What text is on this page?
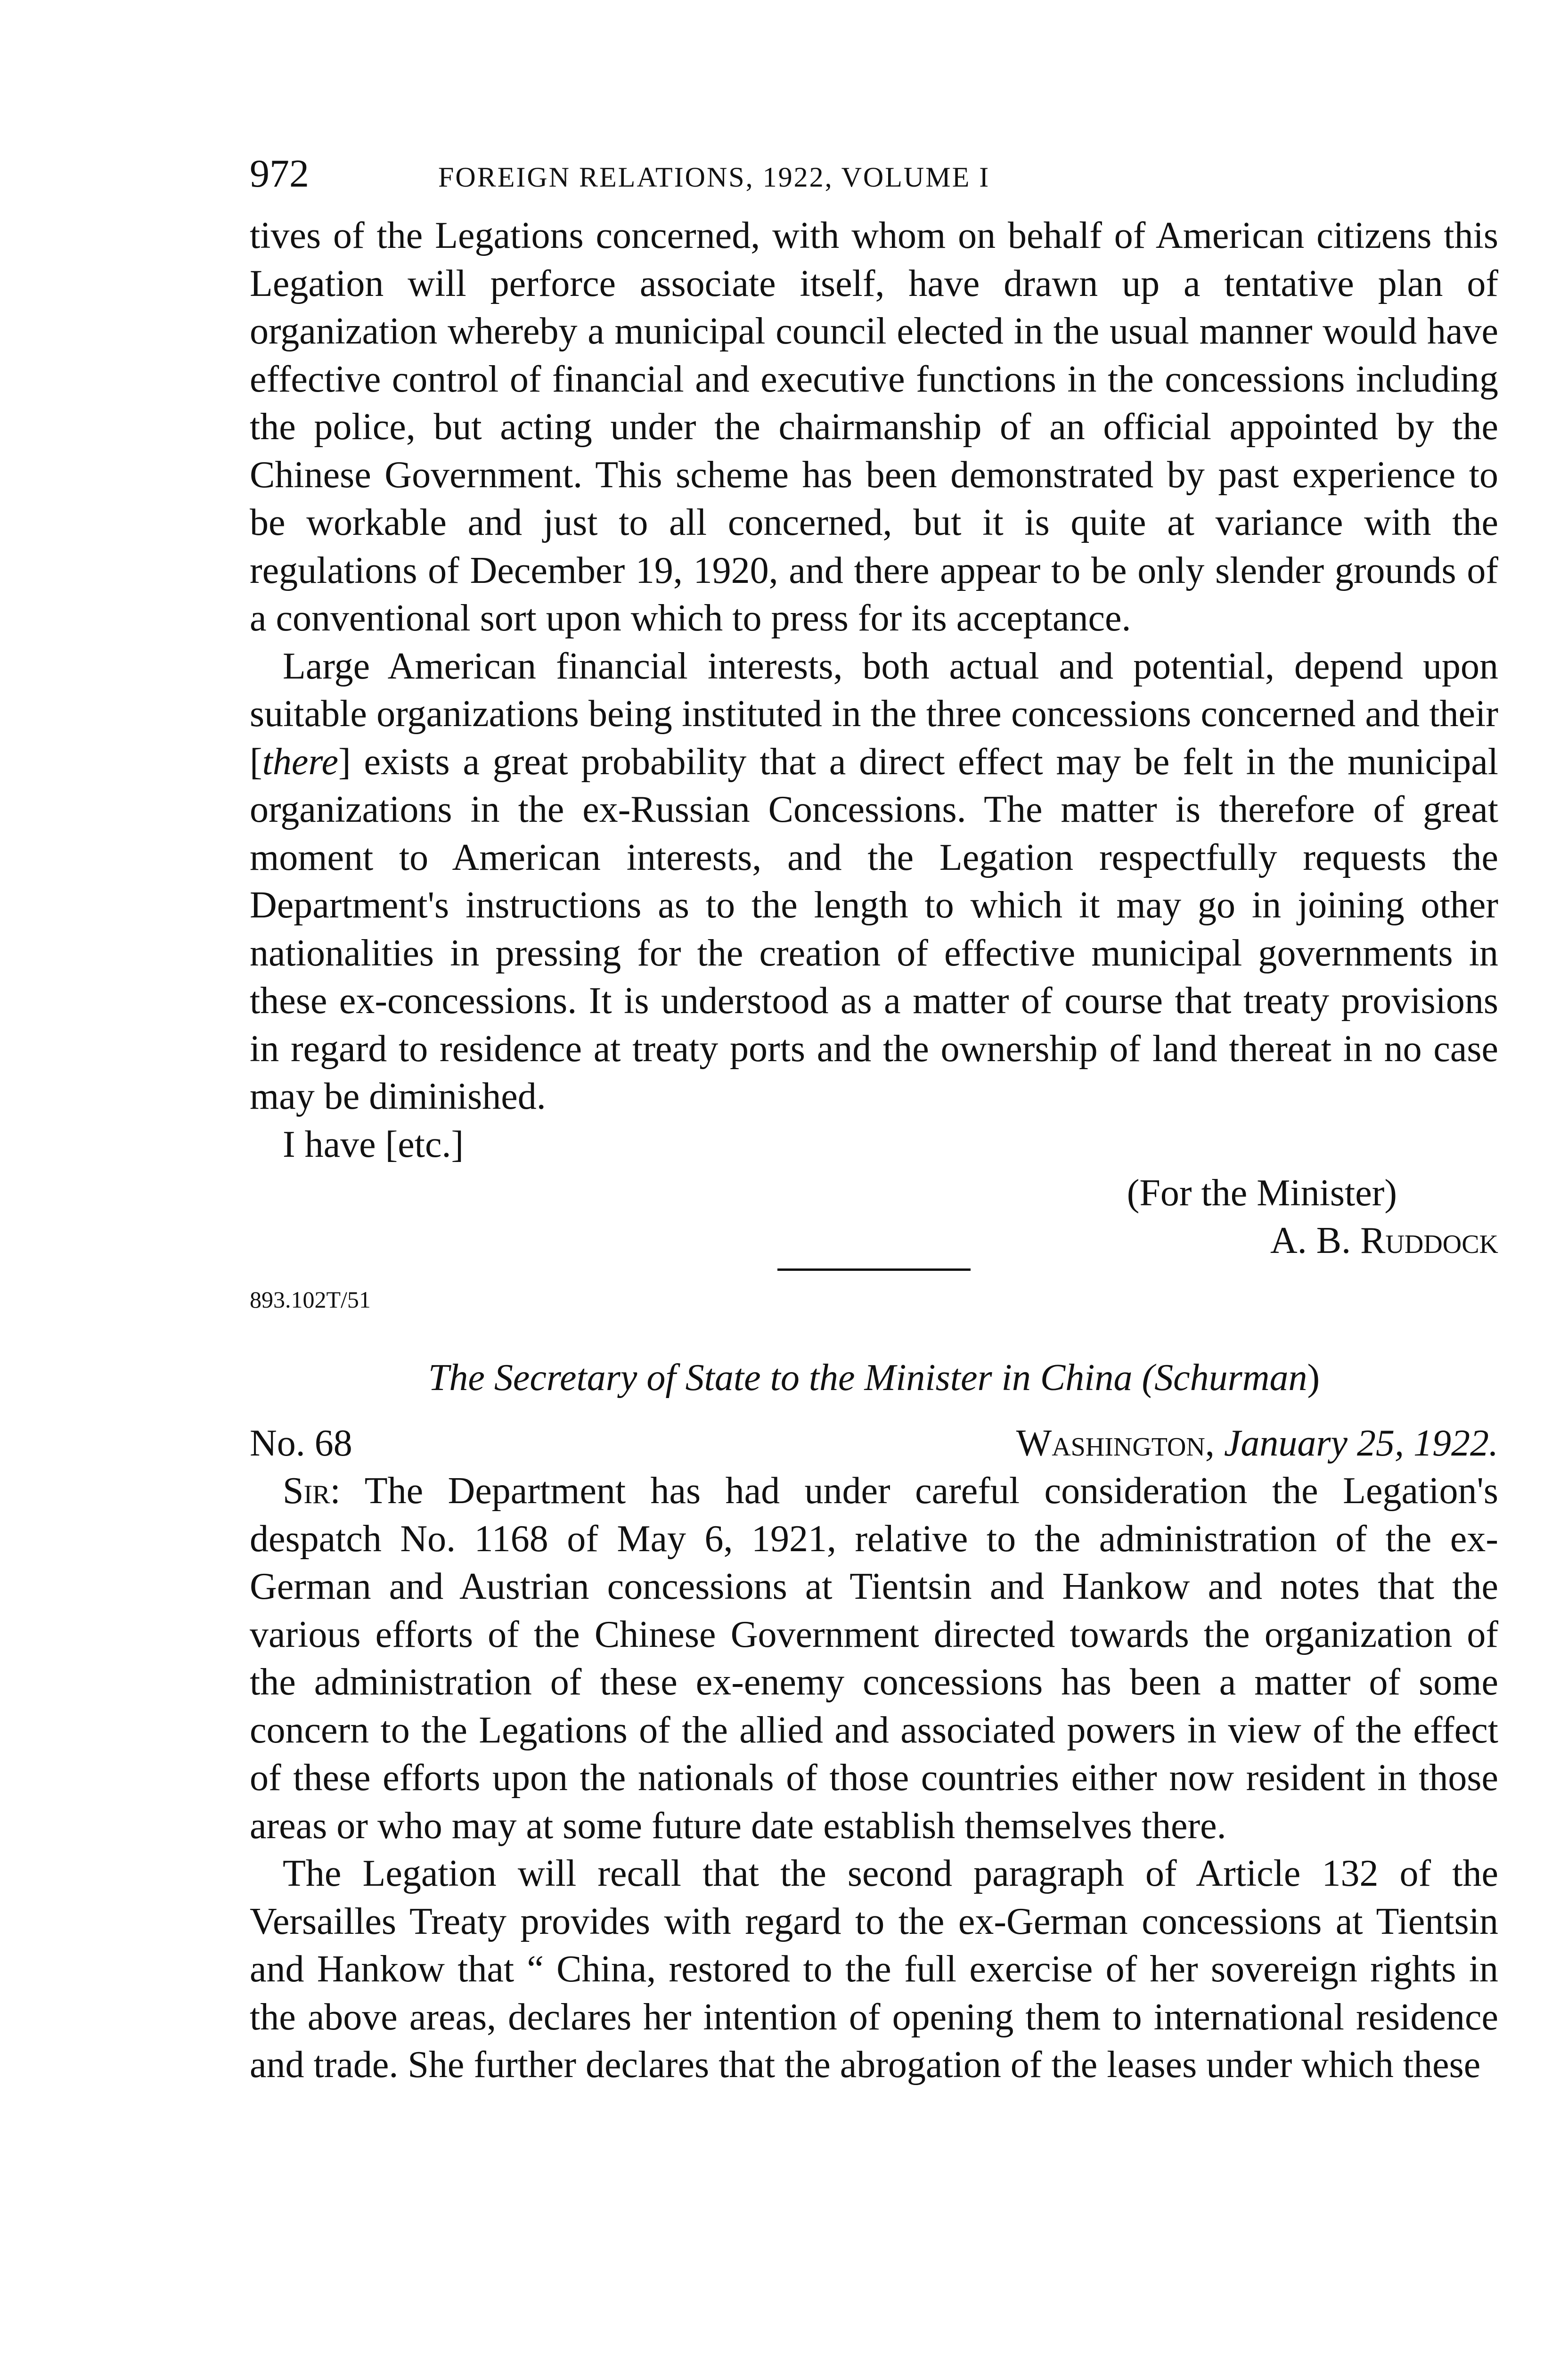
972	FOREIGN RELATIONS, 1922, VOLUME I

tives of the Legations concerned, with whom on behalf of American citizens this Legation will perforce associate itself, have drawn up a tentative plan of organization whereby a municipal council elected in the usual manner would have effective control of financial and executive functions in the concessions including the police, but acting under the chairmanship of an official appointed by the Chinese Government. This scheme has been demonstrated by past experience to be workable and just to all concerned, but it is quite at variance with the regulations of December 19, 1920, and there appear to be only slender grounds of a conventional sort upon which to press for its acceptance.

Large American financial interests, both actual and potential, depend upon suitable organizations being instituted in the three concessions concerned and their [there] exists a great probability that a direct effect may be felt in the municipal organizations in the ex-Russian Concessions. The matter is therefore of great moment to American interests, and the Legation respectfully requests the Department's instructions as to the length to which it may go in joining other nationalities in pressing for the creation of effective municipal governments in these ex-concessions. It is understood as a matter of course that treaty provisions in regard to residence at treaty ports and the ownership of land thereat in no case may be diminished.

I have [etc.]

(For the Minister)
A. B. Ruddock
893.102T/51
The Secretary of State to the Minister in China (Schurman)
No. 68	Washington, January 25, 1922.

Sir: The Department has had under careful consideration the Legation's despatch No. 1168 of May 6, 1921, relative to the administration of the ex-German and Austrian concessions at Tientsin and Hankow and notes that the various efforts of the Chinese Government directed towards the organization of the administration of these ex-enemy concessions has been a matter of some concern to the Legations of the allied and associated powers in view of the effect of these efforts upon the nationals of those countries either now resident in those areas or who may at some future date establish themselves there.

The Legation will recall that the second paragraph of Article 132 of the Versailles Treaty provides with regard to the ex-German concessions at Tientsin and Hankow that “ China, restored to the full exercise of her sovereign rights in the above areas, declares her intention of opening them to international residence and trade. She further declares that the abrogation of the leases under which these
